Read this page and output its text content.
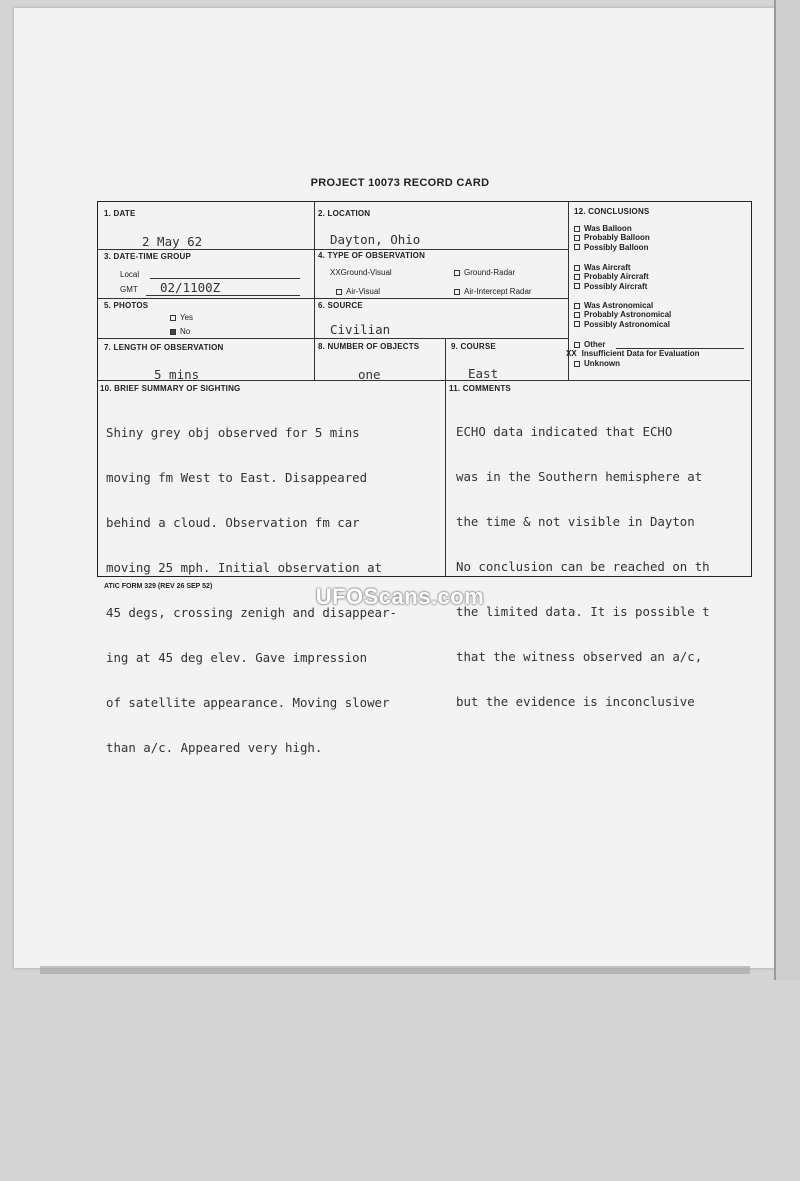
PROJECT 10073 RECORD CARD
1. DATE
2 May 62
2. LOCATION
Dayton, Ohio
3. DATE-TIME GROUP
Local
GMT 02/1100Z
4. TYPE OF OBSERVATION
XXGround-Visual	Ground-Radar
Air-Visual	Air-Intercept Radar
5. PHOTOS
Yes
No
6. SOURCE
Civilian
7. LENGTH OF OBSERVATION
5 mins
8. NUMBER OF OBJECTS
one
9. COURSE
East
12. CONCLUSIONS
Was Balloon
Probably Balloon
Possibly Balloon
Was Aircraft
Probably Aircraft
Possibly Aircraft
Was Astronomical
Probably Astronomical
Possibly Astronomical
Other
XX Insufficient Data for Evaluation
Unknown
10. BRIEF SUMMARY OF SIGHTING

Shiny grey obj observed for 5 mins

moving fm West to East. Disappeared

behind a cloud. Observation fm car

moving 25 mph. Initial observation at

45 degs, crossing zenigh and disappear-

ing at 45 deg elev. Gave impression

of satellite appearance. Moving slower

than a/c. Appeared very high.

11. COMMENTS

ECHO data indicated that ECHO

was in the Southern hemisphere at

the time & not visible in Dayton

No conclusion can be reached on th

the limited data. It is possible t

that the witness observed an a/c,

but the evidence is inconclusive

ATIC FORM 329 (REV 26 SEP 52)	UFOScans.com
